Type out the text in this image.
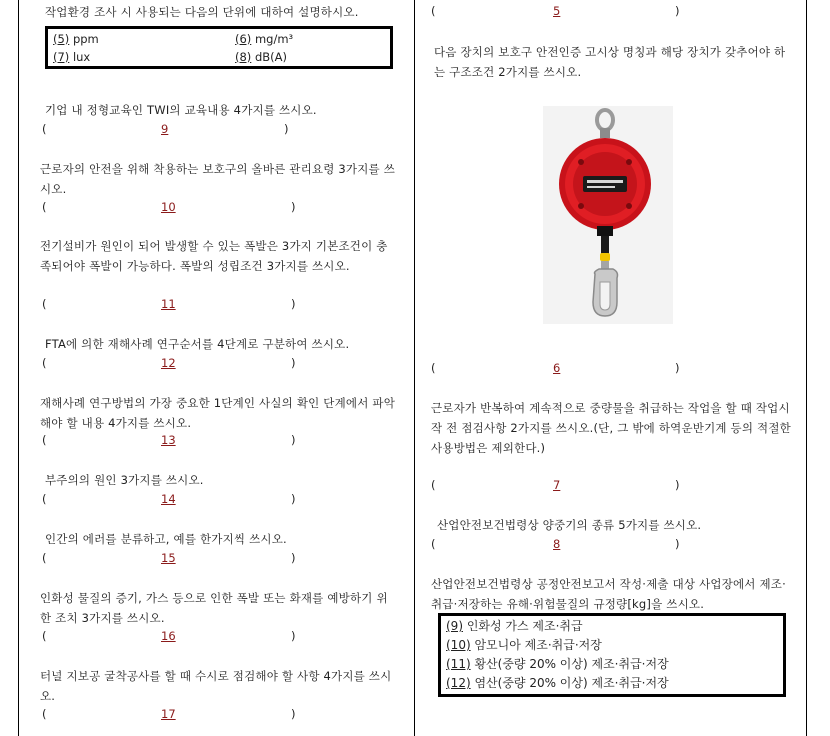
작업환경 조사 시 사용되는 다음의 단위에 대하여 설명하시오.
(5) ppm	(6) mg/m³
(7) lux	(8) dB(A)
기업 내 정형교육인 TWI의 교육내용 4가지를 쓰시오.
(	9	)
근로자의 안전을 위해 착용하는 보호구의 올바른 관리요령 3가지를 쓰시오.
(	10	)
전기설비가 원인이 되어 발생할 수 있는 폭발은 3가지 기본조건이 충족되어야 폭발이 가능하다. 폭발의 성립조건 3가지를 쓰시오.
(	11	)
FTA에 의한 재해사례 연구순서를 4단계로 구분하여 쓰시오.
(	12	)
재해사례 연구방법의 가장 중요한 1단계인 사실의 확인 단계에서 파악해야 할 내용 4가지를 쓰시오.
(	13	)
부주의의 원인 3가지를 쓰시오.
(	14	)
인간의 에러를 분류하고, 예를 한가지씩 쓰시오.
(	15	)
인화성 물질의 증기, 가스 등으로 인한 폭발 또는 화재를 예방하기 위한 조치 3가지를 쓰시오.
(	16	)
터널 지보공 굴착공사를 할 때 수시로 점검해야 할 사항 4가지를 쓰시오.
(	17	)
(	5	)
다음 장치의 보호구 안전인증 고시상 명칭과 해당 장치가 갖추어야 하는 구조조건 2가지를 쓰시오.
(	6	)
근로자가 반복하여 계속적으로 중량물을 취급하는 작업을 할 때 작업시작 전 점검사항 2가지를 쓰시오.(단, 그 밖에 하역운반기계 등의 적절한 사용방법은 제외한다.)
(	7	)
산업안전보건법령상 양중기의 종류 5가지를 쓰시오.
(	8	)
산업안전보건법령상 공정안전보고서 작성·제출 대상 사업장에서 제조·취급·저장하는 유해·위험물질의 규정량[kg]을 쓰시오.
(9) 인화성 가스 제조·취급
(10) 암모니아 제조·취급·저장
(11) 황산(중량 20% 이상) 제조·취급·저장
(12) 염산(중량 20% 이상) 제조·취급·저장
